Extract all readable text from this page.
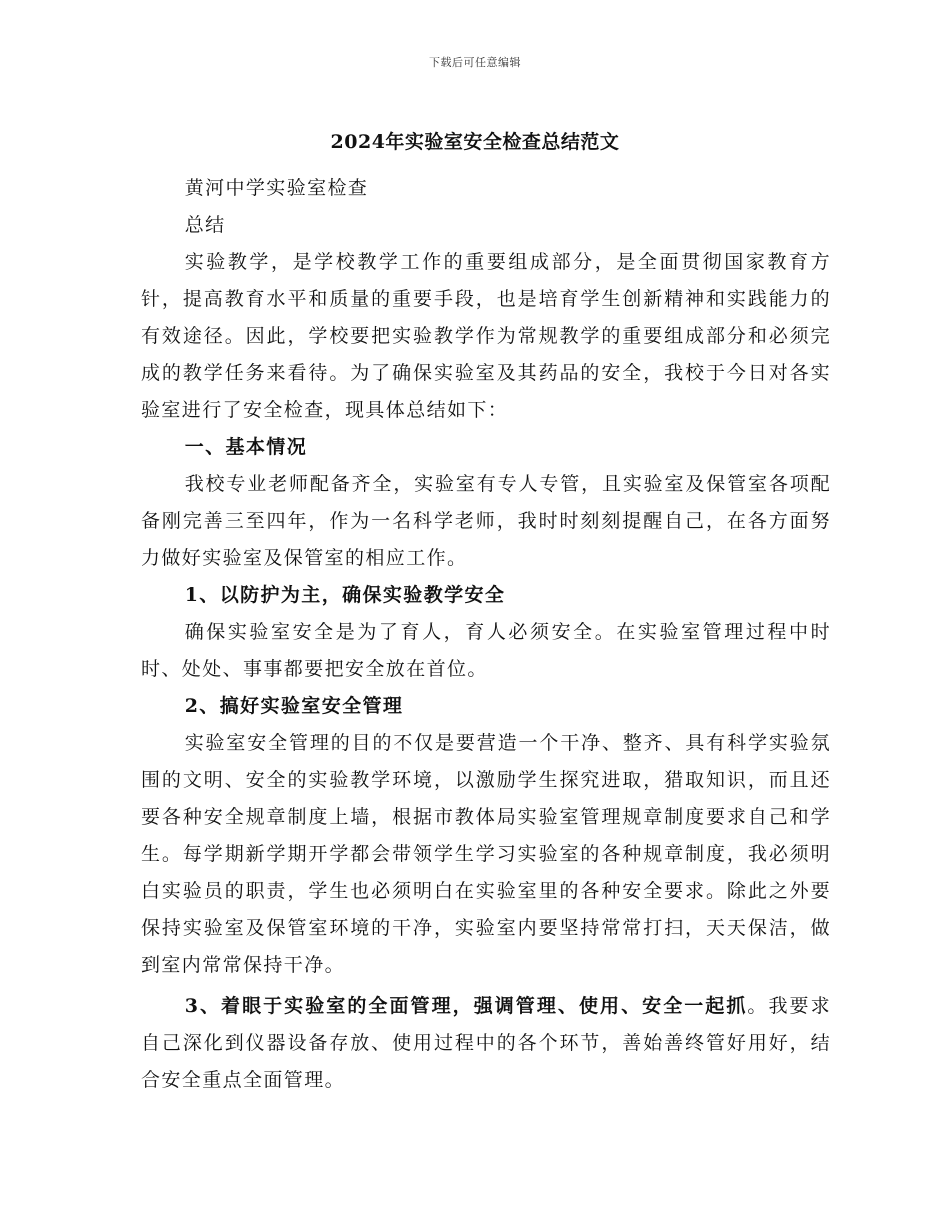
下载后可任意编辑
2024年实验室安全检查总结范文

黄河中学实验室检查

总结

实验教学，是学校教学工作的重要组成部分，是全面贯彻国家教育方针，提高教育水平和质量的重要手段，也是培育学生创新精神和实践能力的有效途径。因此，学校要把实验教学作为常规教学的重要组成部分和必须完成的教学任务来看待。为了确保实验室及其药品的安全，我校于今日对各实验室进行了安全检查，现具体总结如下：

一、基本情况

我校专业老师配备齐全，实验室有专人专管，且实验室及保管室各项配备刚完善三至四年，作为一名科学老师，我时时刻刻提醒自己，在各方面努力做好实验室及保管室的相应工作。

1、以防护为主，确保实验教学安全

确保实验室安全是为了育人，育人必须安全。在实验室管理过程中时时、处处、事事都要把安全放在首位。

2、搞好实验室安全管理

实验室安全管理的目的不仅是要营造一个干净、整齐、具有科学实验氛围的文明、安全的实验教学环境，以激励学生探究进取，猎取知识，而且还要各种安全规章制度上墙，根据市教体局实验室管理规章制度要求自己和学生。每学期新学期开学都会带领学生学习实验室的各种规章制度，我必须明白实验员的职责，学生也必须明白在实验室里的各种安全要求。除此之外要保持实验室及保管室环境的干净，实验室内要坚持常常打扫，天天保洁，做到室内常常保持干净。

3、着眼于实验室的全面管理，强调管理、使用、安全一起抓。我要求自己深化到仪器设备存放、使用过程中的各个环节，善始善终管好用好，结合安全重点全面管理。
